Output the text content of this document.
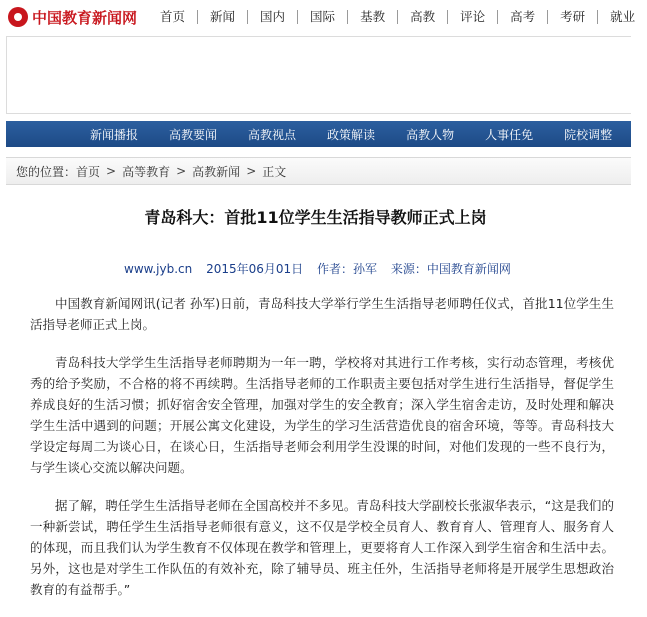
中国教育新闻网	首页	新闻	国内	国际	基教	高教	评论	高考	考研	就业
新闻播报	高教要闻	高教视点	政策解读	高教人物	人事任免	院校调整
您的位置： 首页 > 高等教育 > 高教新闻 > 正文
青岛科大：首批11位学生生活指导教师正式上岗
www.jyb.cn 2015年06月01日 作者：孙军 来源：中国教育新闻网

中国教育新闻网讯(记者 孙军)日前，青岛科技大学举行学生生活指导老师聘任仪式，首批11位学生生活指导老师正式上岗。

青岛科技大学学生生活指导老师聘期为一年一聘，学校将对其进行工作考核，实行动态管理，考核优秀的给予奖励，不合格的将不再续聘。生活指导老师的工作职责主要包括对学生进行生活指导，督促学生养成良好的生活习惯；抓好宿舍安全管理，加强对学生的安全教育；深入学生宿舍走访，及时处理和解决学生生活中遇到的问题；开展公寓文化建设，为学生的学习生活营造优良的宿舍环境，等等。青岛科技大学设定每周二为谈心日，在谈心日，生活指导老师会利用学生没课的时间，对他们发现的一些不良行为，与学生谈心交流以解决问题。

据了解，聘任学生生活指导老师在全国高校并不多见。青岛科技大学副校长张淑华表示，“这是我们的一种新尝试，聘任学生生活指导老师很有意义，这不仅是学校全员育人、教育育人、管理育人、服务育人的体现，而且我们认为学生教育不仅体现在教学和管理上，更要将育人工作深入到学生宿舍和生活中去。另外，这也是对学生工作队伍的有效补充，除了辅导员、班主任外，生活指导老师将是开展学生思想政治教育的有益帮手。”
